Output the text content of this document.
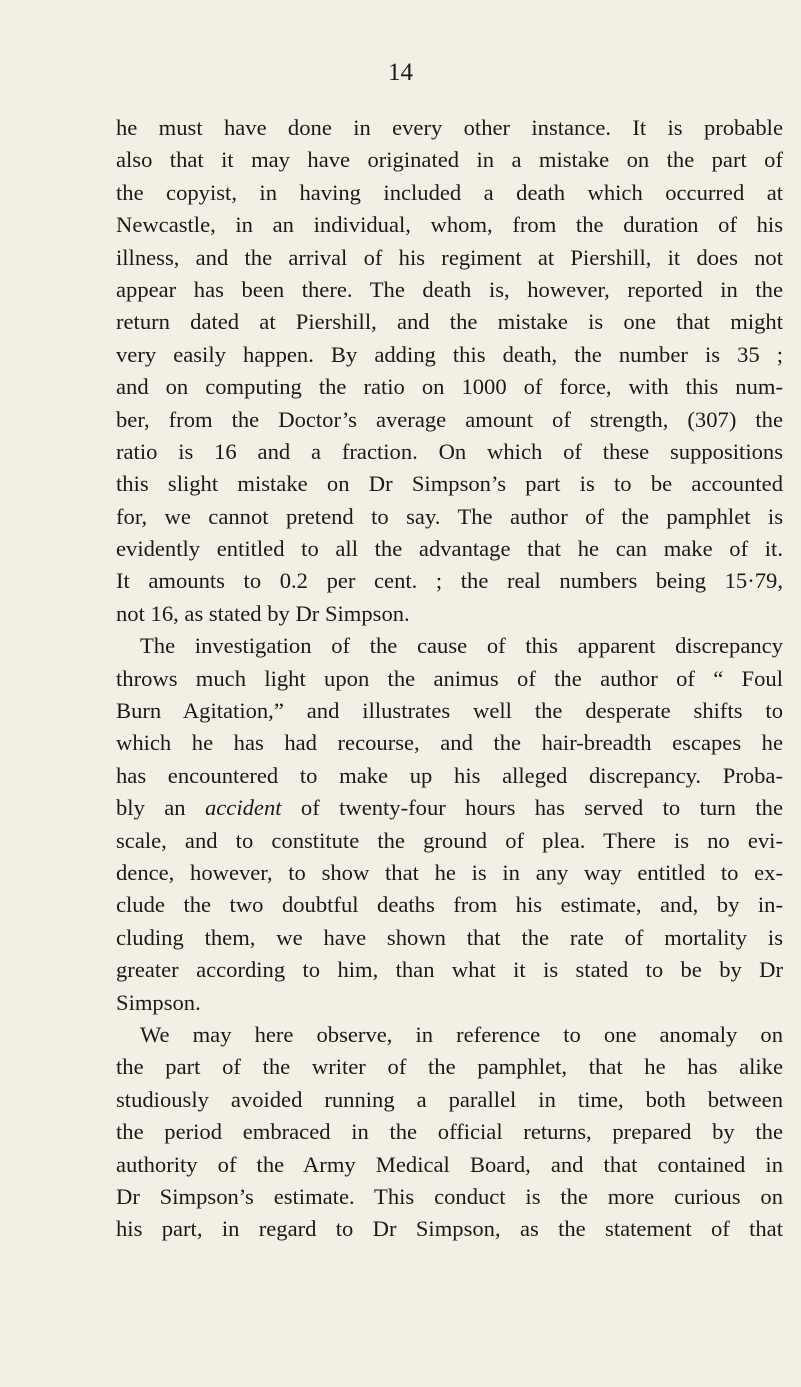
14
he must have done in every other instance. It is probable
also that it may have originated in a mistake on the part of
the copyist, in having included a death which occurred at
Newcastle, in an individual, whom, from the duration of his
illness, and the arrival of his regiment at Piershill, it does not
appear has been there. The death is, however, reported in the
return dated at Piershill, and the mistake is one that might
very easily happen. By adding this death, the number is 35 ;
and on computing the ratio on 1000 of force, with this num-
ber, from the Doctor’s average amount of strength, (307) the
ratio is 16 and a fraction. On which of these suppositions
this slight mistake on Dr Simpson’s part is to be accounted
for, we cannot pretend to say. The author of the pamphlet is
evidently entitled to all the advantage that he can make of it.
It amounts to 0.2 per cent. ; the real numbers being 15·79,
not 16, as stated by Dr Simpson.
The investigation of the cause of this apparent discrepancy
throws much light upon the animus of the author of “ Foul
Burn Agitation,” and illustrates well the desperate shifts to
which he has had recourse, and the hair-breadth escapes he
has encountered to make up his alleged discrepancy. Proba-
bly an accident of twenty-four hours has served to turn the
scale, and to constitute the ground of plea. There is no evi-
dence, however, to show that he is in any way entitled to ex-
clude the two doubtful deaths from his estimate, and, by in-
cluding them, we have shown that the rate of mortality is
greater according to him, than what it is stated to be by Dr
Simpson.
We may here observe, in reference to one anomaly on
the part of the writer of the pamphlet, that he has alike
studiously avoided running a parallel in time, both between
the period embraced in the official returns, prepared by the
authority of the Army Medical Board, and that contained in
Dr Simpson’s estimate. This conduct is the more curious on
his part, in regard to Dr Simpson, as the statement of that
